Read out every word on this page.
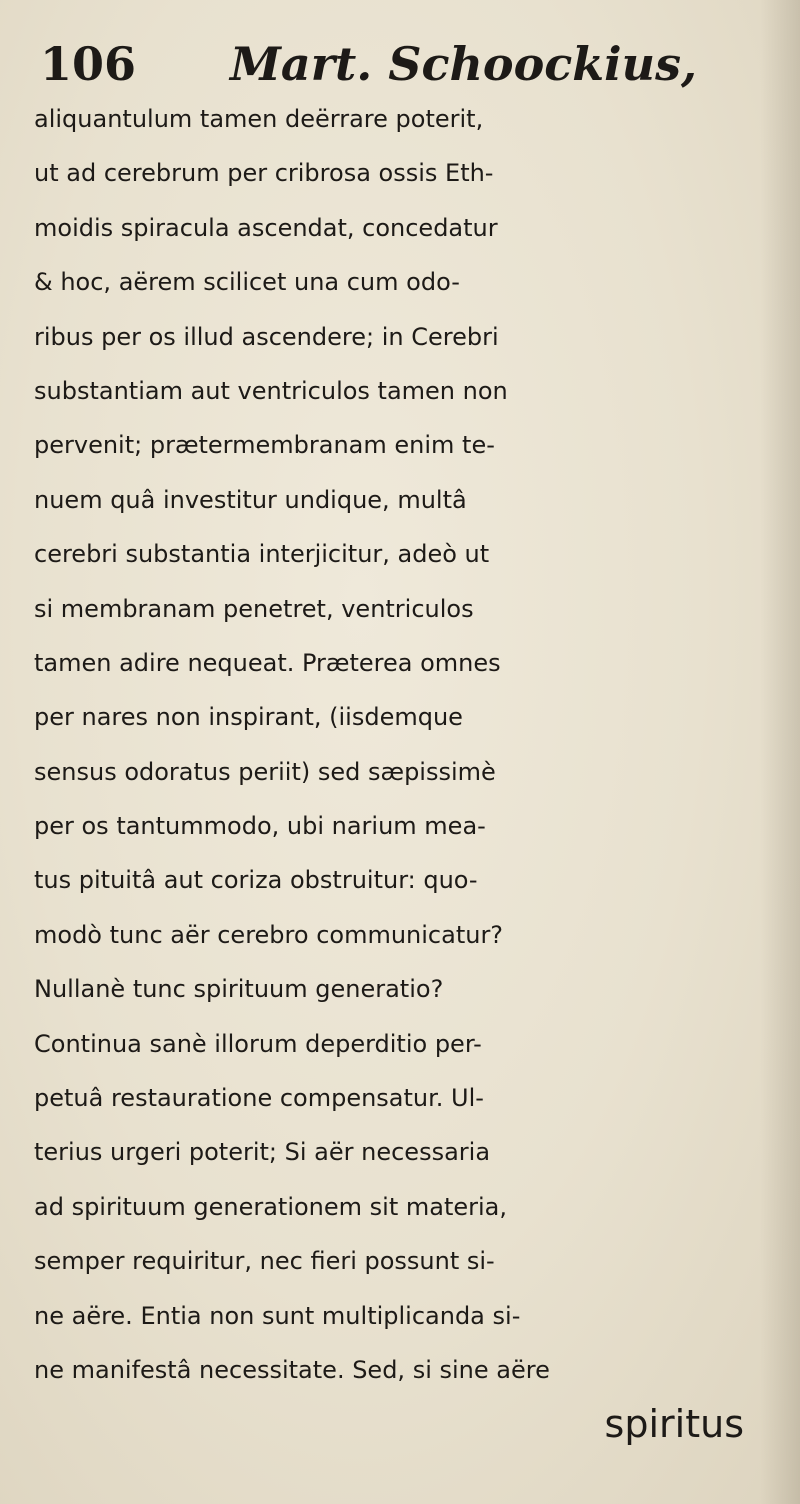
106 Mart. Schoockius,
aliquantulum tamen deërrare poterit,
ut ad cerebrum per cribrosa ossis Eth-
moidis spiracula ascendat, concedatur
& hoc, aërem scilicet una cum odo-
ribus per os illud ascendere; in Cerebri
substantiam aut ventriculos tamen non
pervenit; prætermembranam enim te-
nuem quâ investitur undique, multâ
cerebri substantia interjicitur, adeò ut
si membranam penetret, ventriculos
tamen adire nequeat. Præterea omnes
per nares non inspirant, (iisdemque
sensus odoratus periit) sed sæpissimè
per os tantummodo, ubi narium mea-
tus pituitâ aut coriza obstruitur: quo-
modò tunc aër cerebro communicatur?
Nullanè tunc spirituum generatio?
Continua sanè illorum deperditio per-
petuâ restauratione compensatur. Ul-
terius urgeri poterit; Si aër necessaria
ad spirituum generationem sit materia,
semper requiritur, nec fieri possunt si-
ne aëre. Entia non sunt multiplicanda si-
ne manifestâ necessitate. Sed, si sine aëre
spiritus
